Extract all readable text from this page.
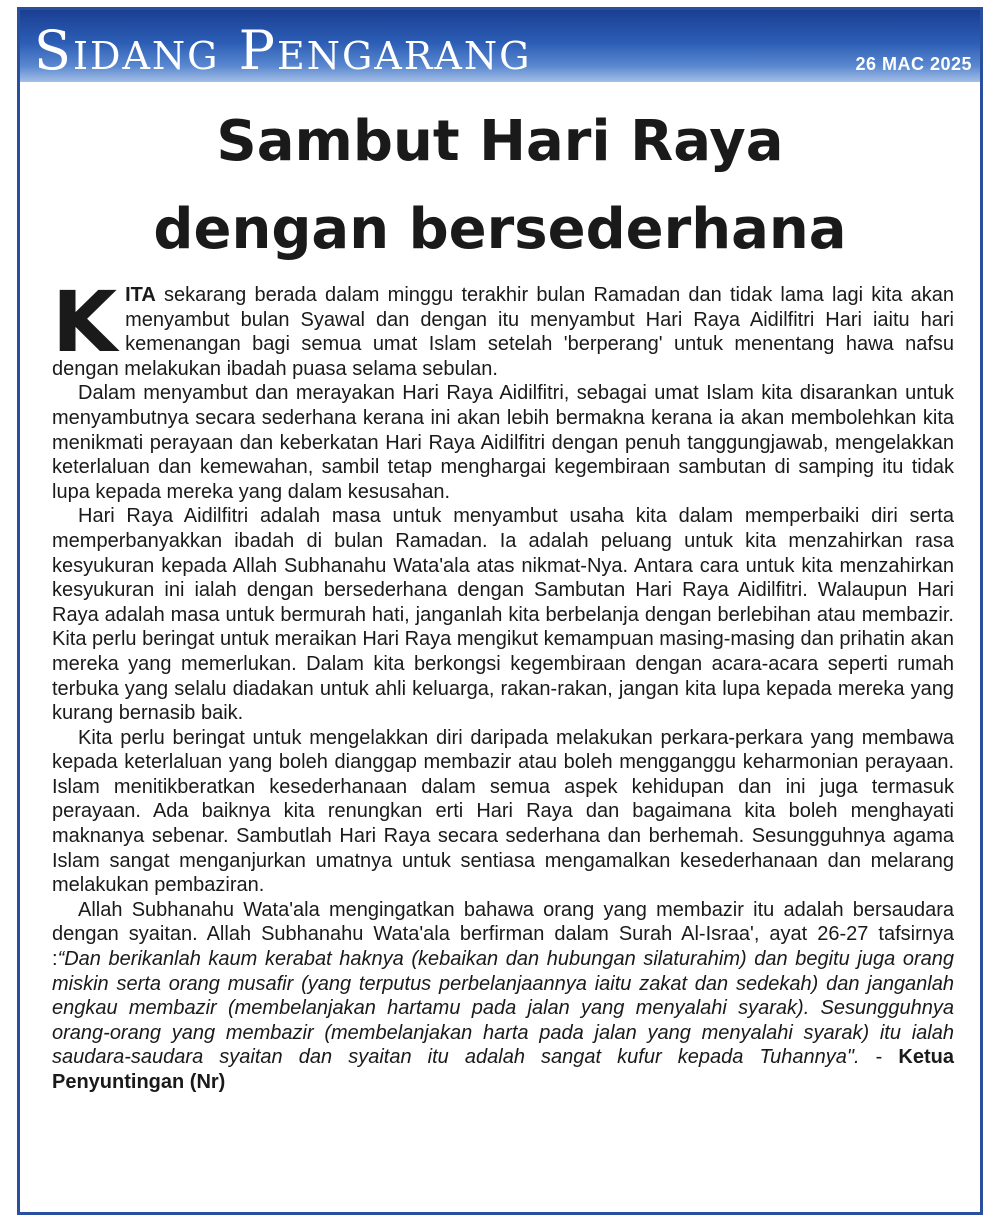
Sidang Pengarang	26 MAC 2025
Sambut Hari Raya
dengan bersederhana

KITA sekarang berada dalam minggu terakhir bulan Ramadan dan tidak lama lagi kita akan menyambut bulan Syawal dan dengan itu menyambut Hari Raya Aidilfitri Hari iaitu hari kemenangan bagi semua umat Islam setelah 'berperang' untuk menentang hawa nafsu dengan melakukan ibadah puasa selama sebulan.

Dalam menyambut dan merayakan Hari Raya Aidilfitri, sebagai umat Islam kita disarankan untuk menyambutnya secara sederhana kerana ini akan lebih bermakna kerana ia akan membolehkan kita menikmati perayaan dan keberkatan Hari Raya Aidilfitri dengan penuh tanggungjawab, mengelakkan keterlaluan dan kemewahan, sambil tetap menghargai kegembiraan sambutan di samping itu tidak lupa kepada mereka yang dalam kesusahan.

Hari Raya Aidilfitri adalah masa untuk menyambut usaha kita dalam memperbaiki diri serta memperbanyakkan ibadah di bulan Ramadan. Ia adalah peluang untuk kita menzahirkan rasa kesyukuran kepada Allah Subhanahu Wata'ala atas nikmat-Nya. Antara cara untuk kita menzahirkan kesyukuran ini ialah dengan bersederhana dengan Sambutan Hari Raya Aidilfitri. Walaupun Hari Raya adalah masa untuk bermurah hati, janganlah kita berbelanja dengan berlebihan atau membazir. Kita perlu beringat untuk meraikan Hari Raya mengikut kemampuan masing-masing dan prihatin akan mereka yang memerlukan. Dalam kita berkongsi kegembiraan dengan acara-acara seperti rumah terbuka yang selalu diadakan untuk ahli keluarga, rakan-rakan, jangan kita lupa kepada mereka yang kurang bernasib baik.

Kita perlu beringat untuk mengelakkan diri daripada melakukan perkara-perkara yang membawa kepada keterlaluan yang boleh dianggap membazir atau boleh mengganggu keharmonian perayaan. Islam menitikberatkan kesederhanaan dalam semua aspek kehidupan dan ini juga termasuk perayaan. Ada baiknya kita renungkan erti Hari Raya dan bagaimana kita boleh menghayati maknanya sebenar. Sambutlah Hari Raya secara sederhana dan berhemah. Sesungguhnya agama Islam sangat menganjurkan umatnya untuk sentiasa mengamalkan kesederhanaan dan melarang melakukan pembaziran.

Allah Subhanahu Wata'ala mengingatkan bahawa orang yang membazir itu adalah bersaudara dengan syaitan. Allah Subhanahu Wata'ala berfirman dalam Surah Al-Israa', ayat 26-27 tafsirnya :“Dan berikanlah kaum kerabat haknya (kebaikan dan hubungan silaturahim) dan begitu juga orang miskin serta orang musafir (yang terputus perbelanjaannya iaitu zakat dan sedekah) dan janganlah engkau membazir (membelanjakan hartamu pada jalan yang menyalahi syarak). Sesungguhnya orang-orang yang membazir (membelanjakan harta pada jalan yang menyalahi syarak) itu ialah saudara-saudara syaitan dan syaitan itu adalah sangat kufur kepada Tuhannya". - Ketua Penyuntingan (Nr)
